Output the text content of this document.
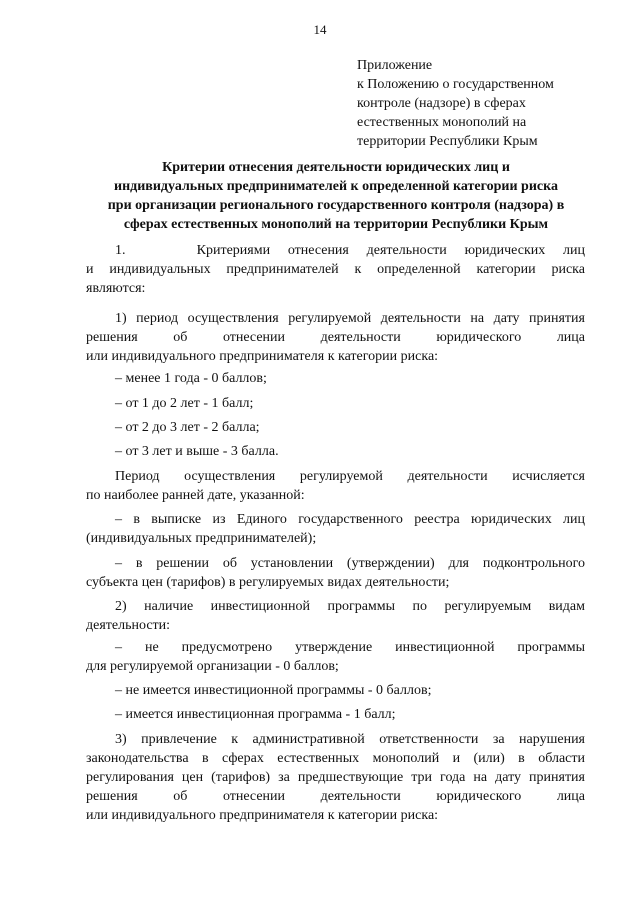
14
Приложение
к Положению о государственном
контроле (надзоре) в сферах
естественных монополий на
территории Республики Крым
Критерии отнесения деятельности юридических лиц и
индивидуальных предпринимателей к определенной категории риска
при организации регионального государственного контроля (надзора) в
сферах естественных монополий на территории Республики Крым
1.    Критериями отнесения деятельности юридических лиц
и индивидуальных предпринимателей к определенной категории риска
являются:
1) период осуществления регулируемой деятельности на дату принятия
решения об отнесении деятельности юридического лица
или индивидуального предпринимателя к категории риска:
– менее 1 года - 0 баллов;
– от 1 до 2 лет - 1 балл;
– от 2 до 3 лет - 2 балла;
– от 3 лет и выше - 3 балла.
Период осуществления регулируемой деятельности исчисляется
по наиболее ранней дате, указанной:
– в выписке из Единого государственного реестра юридических лиц
(индивидуальных предпринимателей);
– в решении об установлении (утверждении) для подконтрольного
субъекта цен (тарифов) в регулируемых видах деятельности;
2) наличие инвестиционной программы по регулируемым видам
деятельности:
– не предусмотрено утверждение инвестиционной программы
для регулируемой организации - 0 баллов;
– не имеется инвестиционной программы - 0 баллов;
– имеется инвестиционная программа - 1 балл;
3) привлечение к административной ответственности за нарушения
законодательства в сферах естественных монополий и (или) в области
регулирования цен (тарифов) за предшествующие три года на дату принятия
решения об отнесении деятельности юридического лица
или индивидуального предпринимателя к категории риска:
